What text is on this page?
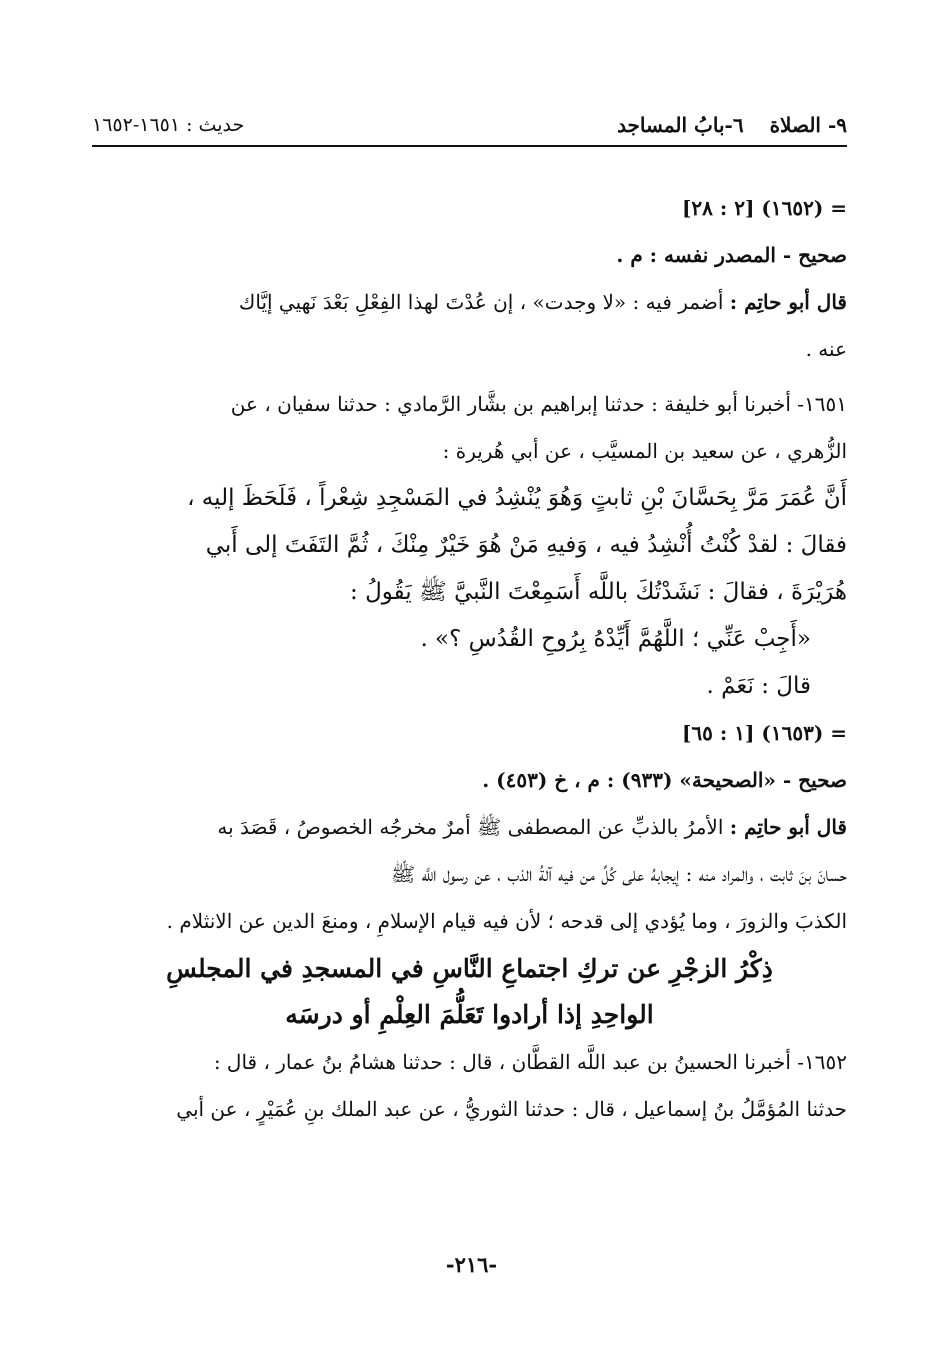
٩- الصلاة
٦-بابُ المساجد
حديث : ١٦٥١-١٦٥٢
= (١٦٥٢) [٢ : ٢٨]
صحيح - المصدر نفسه : م .
قال أبو حاتِم : أضمر فيه : «لا وجدت» ، إن عُدْتَ لهذا الفِعْلِ بَعْدَ نَهيي إيَّاك
عنه .
١٦٥١- أخبرنا أبو خليفة : حدثنا إبراهيم بن بشَّار الرَّمادي : حدثنا سفيان ، عن
الزُّهري ، عن سعيد بن المسيَّب ، عن أبي هُريرة :
أَنَّ عُمَرَ مَرَّ بِحَسَّانَ بْنِ ثابتٍ وَهُوَ يُنْشِدُ في المَسْجِدِ شِعْراً ، فَلَحَظَ إليه ،
فقالَ : لقدْ كُنْتُ أُنْشِدُ فيه ، وَفيهِ مَنْ هُوَ خَيْرٌ مِنْكَ ، ثُمَّ التَفَتَ إلى أَبي
هُرَيْرَةَ ، فقالَ : نَشَدْتُكَ باللَّه أَسَمِعْتَ النَّبيَّ ﷺ يَقُولُ :
«أَجِبْ عَنِّي ؛ اللَّهُمَّ أَيِّدْهُ بِرُوحِ القُدُسِ ؟» .
قالَ : نَعَمْ .
= (١٦٥٣) [١ : ٦٥]
صحيح - «الصحيحة» (٩٣٣) : م ، خ (٤٥٣) .
قال أبو حاتِم : الأمرُ بالذبِّ عن المصطفى ﷺ أمرٌ مخرجُه الخصوصُ ، قَصَدَ به
حسانَ بنَ ثابت ، والمراد منه : إيجابهُ على كُلِّ من فيه آلةُ الذب ، عن رسول اللَّه ﷺ
الكذبَ والزورَ ، وما يُؤدي إلى قدحه ؛ لأن فيه قيام الإسلامِ ، ومنعَ الدين عن الانثلام .
ذِكْرُ الزجْرِ عن تركِ اجتماعِ النَّاسِ في المسجدِ في المجلسِ
الواحِدِ إذا أرادوا تَعَلُّمَ العِلْمِ أو درسَه
١٦٥٢- أخبرنا الحسينُ بن عبد اللَّه القطَّان ، قال : حدثنا هشامُ بنُ عمار ، قال :
حدثنا المُؤمَّلُ بنُ إسماعيل ، قال : حدثنا الثوريُّ ، عن عبد الملك بنِ عُمَيْرٍ ، عن أبي
-٢١٦-
